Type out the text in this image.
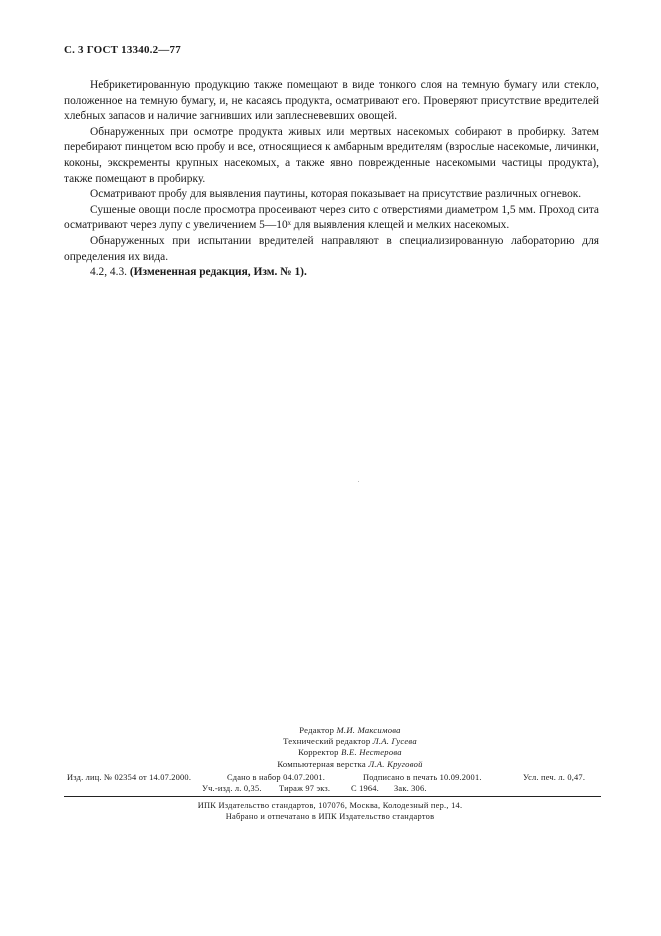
С. 3 ГОСТ 13340.2—77

Небрикетированную продукцию также помещают в виде тонкого слоя на темную бумагу или стекло, положенное на темную бумагу, и, не касаясь продукта, осматривают его. Проверяют присутствие вредителей хлебных запасов и наличие загнивших или заплесневевших овощей.

Обнаруженных при осмотре продукта живых или мертвых насекомых собирают в пробирку. Затем перебирают пинцетом всю пробу и все, относящиеся к амбарным вредителям (взрослые насекомые, личинки, коконы, экскременты крупных насекомых, а также явно поврежденные насекомыми частицы продукта), также помещают в пробирку.

Осматривают пробу для выявления паутины, которая показывает на присутствие различных огневок.

Сушеные овощи после просмотра просеивают через сито с отверстиями диаметром 1,5 мм. Проход сита осматривают через лупу с увеличением 5—10ˣ для выявления клещей и мелких насекомых.

Обнаруженных при испытании вредителей направляют в специализированную лабораторию для определения их вида.

4.2, 4.3. (Измененная редакция, Изм. № 1).

Редактор М.И. Максимова
Технический редактор Л.А. Гусева
Корректор В.Е. Нестерова
Компьютерная верстка Л.А. Круговой
Изд. лиц. № 02354 от 14.07.2000.	Сдано в набор 04.07.2001.	Подписано в печать 10.09.2001.	Усл. печ. л. 0,47.
Уч.-изд. л. 0,35. Тираж 97 экз. С 1964. Зак. 306.
ИПК Издательство стандартов, 107076, Москва, Колодезный пер., 14.
Набрано и отпечатано в ИПК Издательство стандартов
